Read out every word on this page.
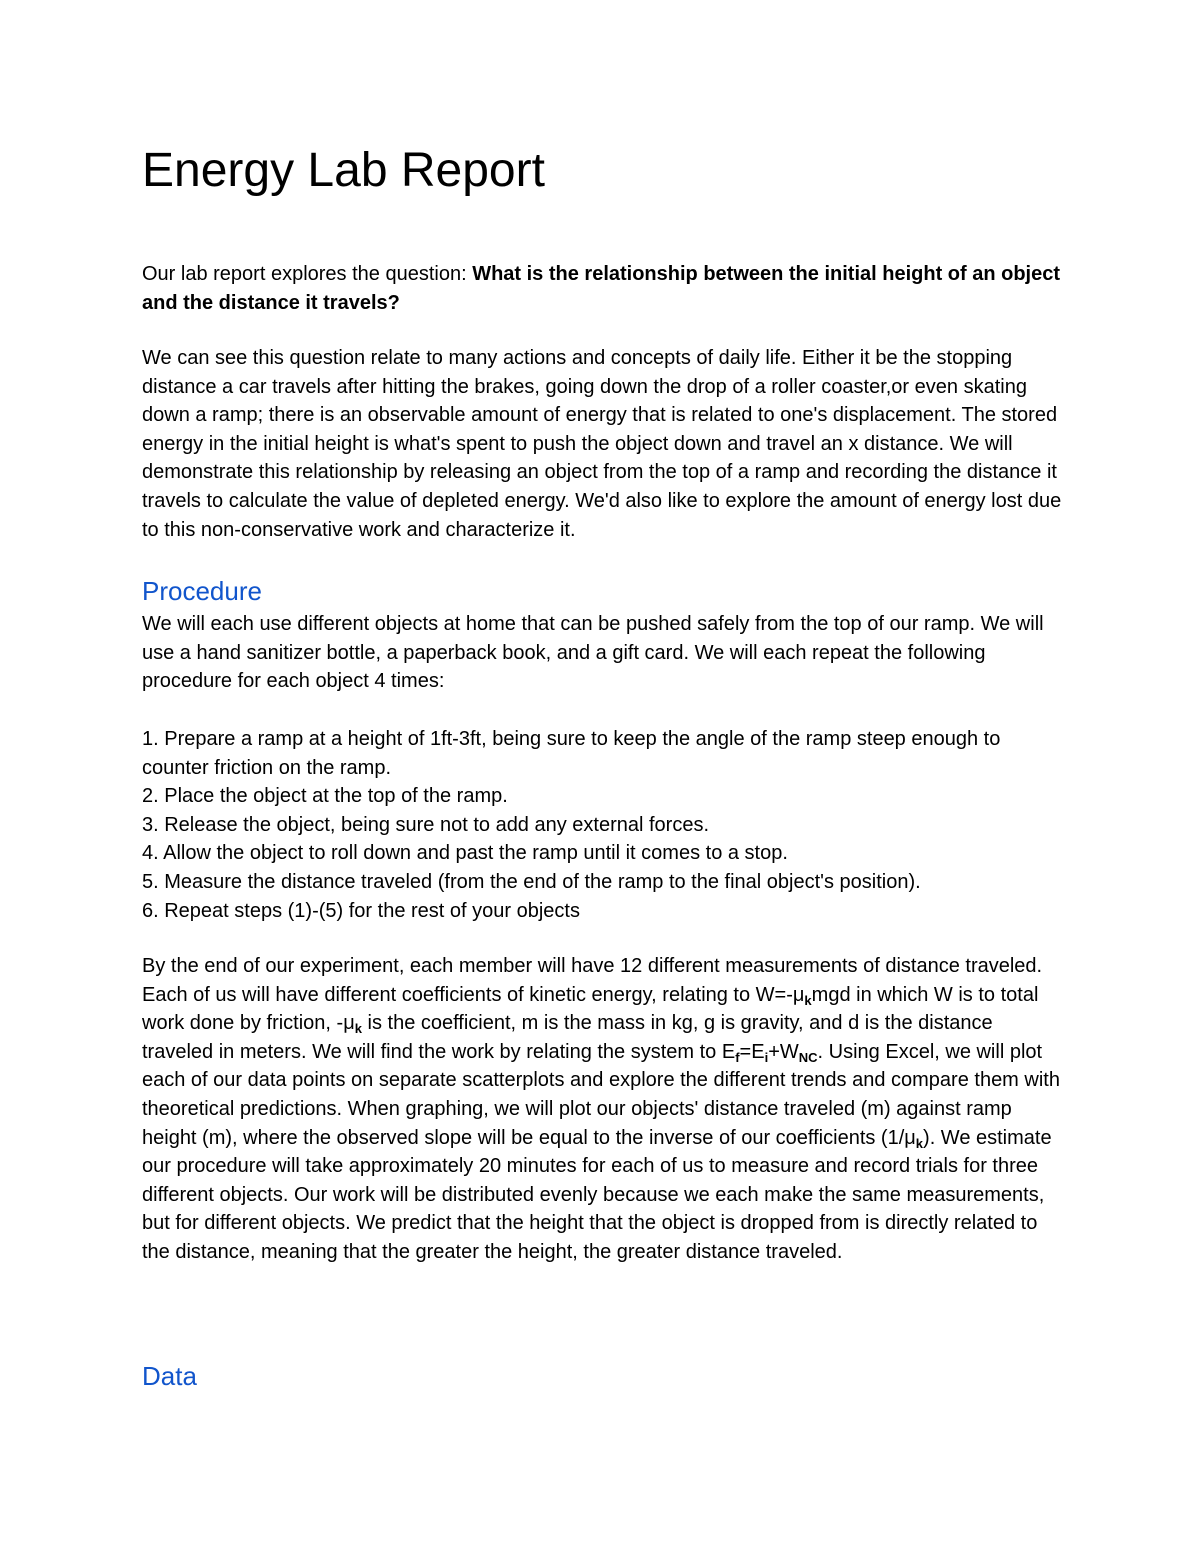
Energy Lab Report

Our lab report explores the question: What is the relationship between the initial height of an object and the distance it travels?

We can see this question relate to many actions and concepts of daily life. Either it be the stopping distance a car travels after hitting the brakes, going down the drop of a roller coaster,or even skating down a ramp; there is an observable amount of energy that is related to one's displacement. The stored energy in the initial height is what's spent to push the object down and travel an x distance. We will demonstrate this relationship by releasing an object from the top of a ramp and recording the distance it travels to calculate the value of depleted energy. We'd also like to explore the amount of energy lost due to this non-conservative work and characterize it.

Procedure

We will each use different objects at home that can be pushed safely from the top of our ramp. We will use a hand sanitizer bottle, a paperback book, and a gift card. We will each repeat the following procedure for each object 4 times:

1. Prepare a ramp at a height of 1ft-3ft, being sure to keep the angle of the ramp steep enough to counter friction on the ramp.
2. Place the object at the top of the ramp.
3. Release the object, being sure not to add any external forces.
4. Allow the object to roll down and past the ramp until it comes to a stop.
5. Measure the distance traveled (from the end of the ramp to the final object's position).
6. Repeat steps (1)-(5) for the rest of your objects

By the end of our experiment, each member will have 12 different measurements of distance traveled. Each of us will have different coefficients of kinetic energy, relating to $W=-\mu_kmgd$ in which W is to total work done by friction, $-\mu_k$ is the coefficient, m is the mass in kg, g is gravity, and d is the distance traveled in meters. We will find the work by relating the system to $E_f=E_i+W_{NC}$. Using Excel, we will plot each of our data points on separate scatterplots and explore the different trends and compare them with theoretical predictions. When graphing, we will plot our objects' distance traveled (m) against ramp height (m), where the observed slope will be equal to the inverse of our coefficients $(1/\mu_k)$. We estimate our procedure will take approximately 20 minutes for each of us to measure and record trials for three different objects. Our work will be distributed evenly because we each make the same measurements, but for different objects. We predict that the height that the object is dropped from is directly related to the distance, meaning that the greater the height, the greater distance traveled.

Data
